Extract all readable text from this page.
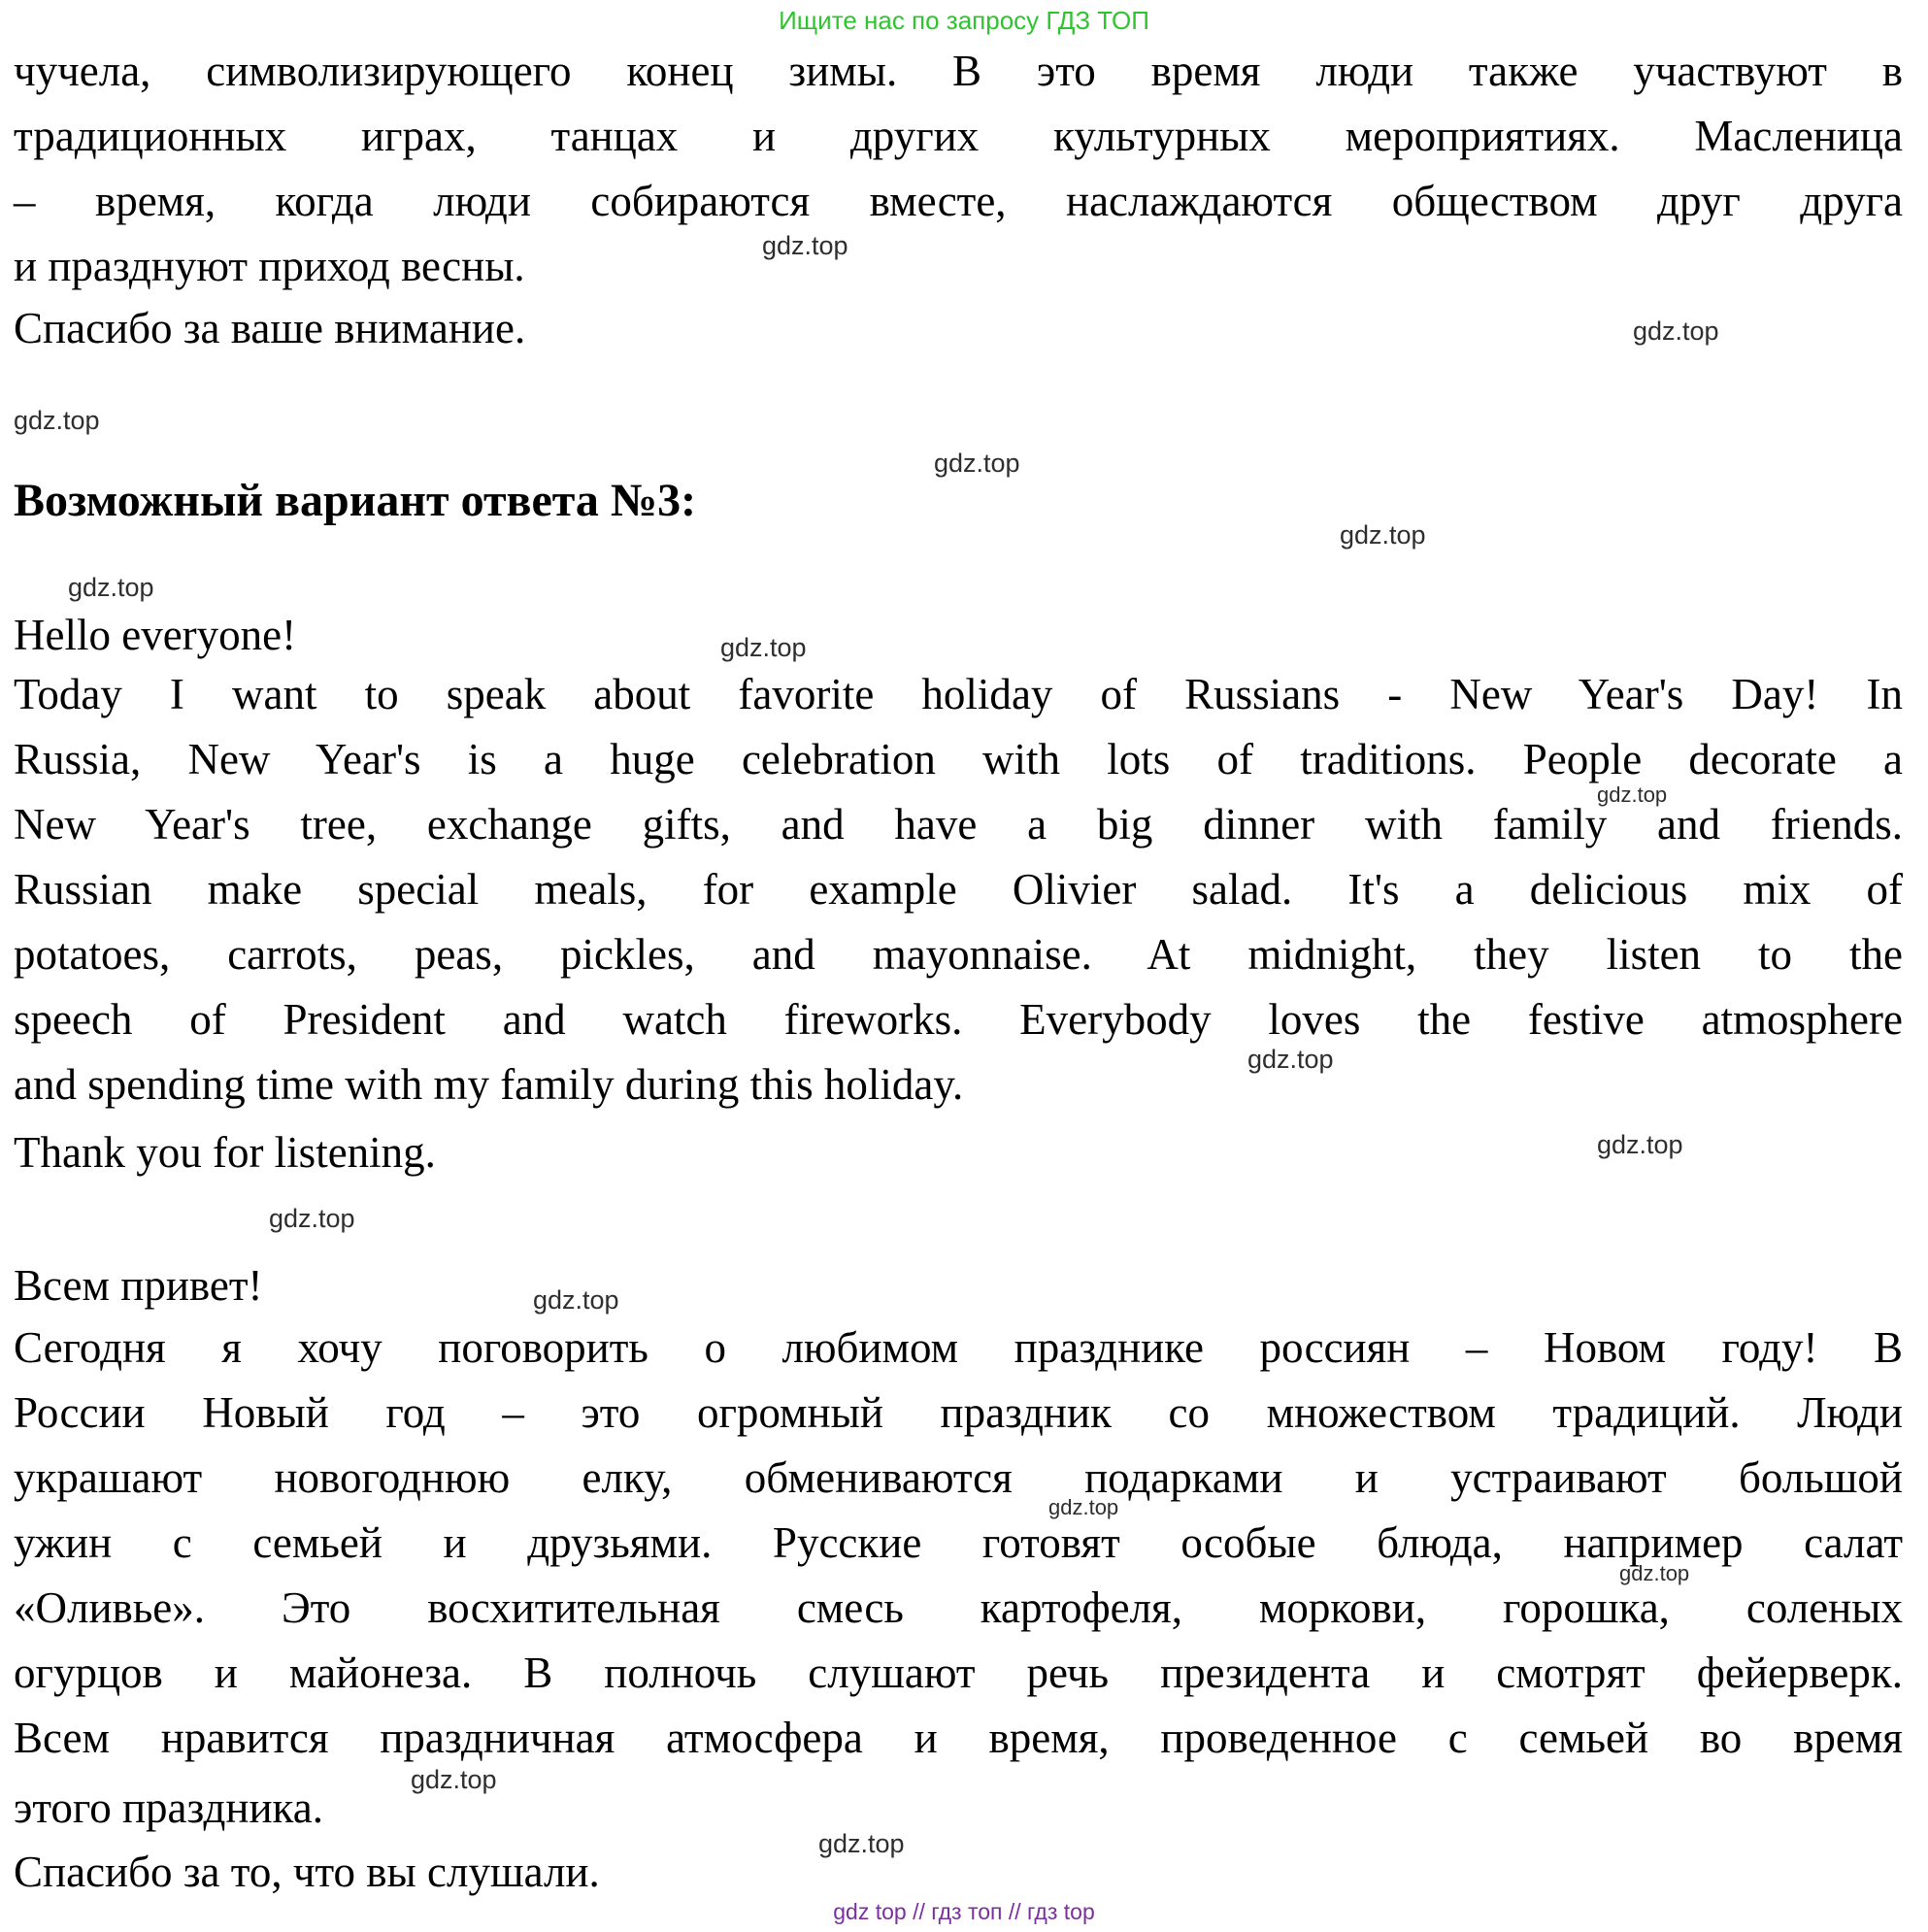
Ищите нас по запросу ГДЗ ТОП
чучела, символизирующего конец зимы. В это время люди также участвуют в
традиционных играх, танцах и других культурных мероприятиях. Масленица
– время, когда люди собираются вместе, наслаждаются обществом друг друга
и празднуют приход весны.
Спасибо за ваше внимание.
Возможный вариант ответа №3:
Hello everyone!
Today I want to speak about favorite holiday of Russians - New Year's Day! In
Russia, New Year's is a huge celebration with lots of traditions. People decorate a
New Year's tree, exchange gifts, and have a big dinner with family and friends.
Russian make special meals, for example Olivier salad. It's a delicious mix of
potatoes, carrots, peas, pickles, and mayonnaise. At midnight, they listen to the
speech of President and watch fireworks. Everybody loves the festive atmosphere
and spending time with my family during this holiday.
Thank you for listening.
Всем привет!
Сегодня я хочу поговорить о любимом празднике россиян – Новом году! В
России Новый год – это огромный праздник со множеством традиций. Люди
украшают новогоднюю елку, обмениваются подарками и устраивают большой
ужин с семьей и друзьями. Русские готовят особые блюда, например салат
«Оливье». Это восхитительная смесь картофеля, моркови, горошка, соленых
огурцов и майонеза. В полночь слушают речь президента и смотрят фейерверк.
Всем нравится праздничная атмосфера и время, проведенное с семьей во время
этого праздника.
Спасибо за то, что вы слушали.
gdz.top
gdz.top
gdz.top
gdz.top
gdz.top
gdz.top
gdz.top
gdz.top
gdz.top
gdz.top
gdz.top
gdz.top
gdz.top
gdz.top
gdz.top
gdz.top
gdz top // гдз топ // гдз top
